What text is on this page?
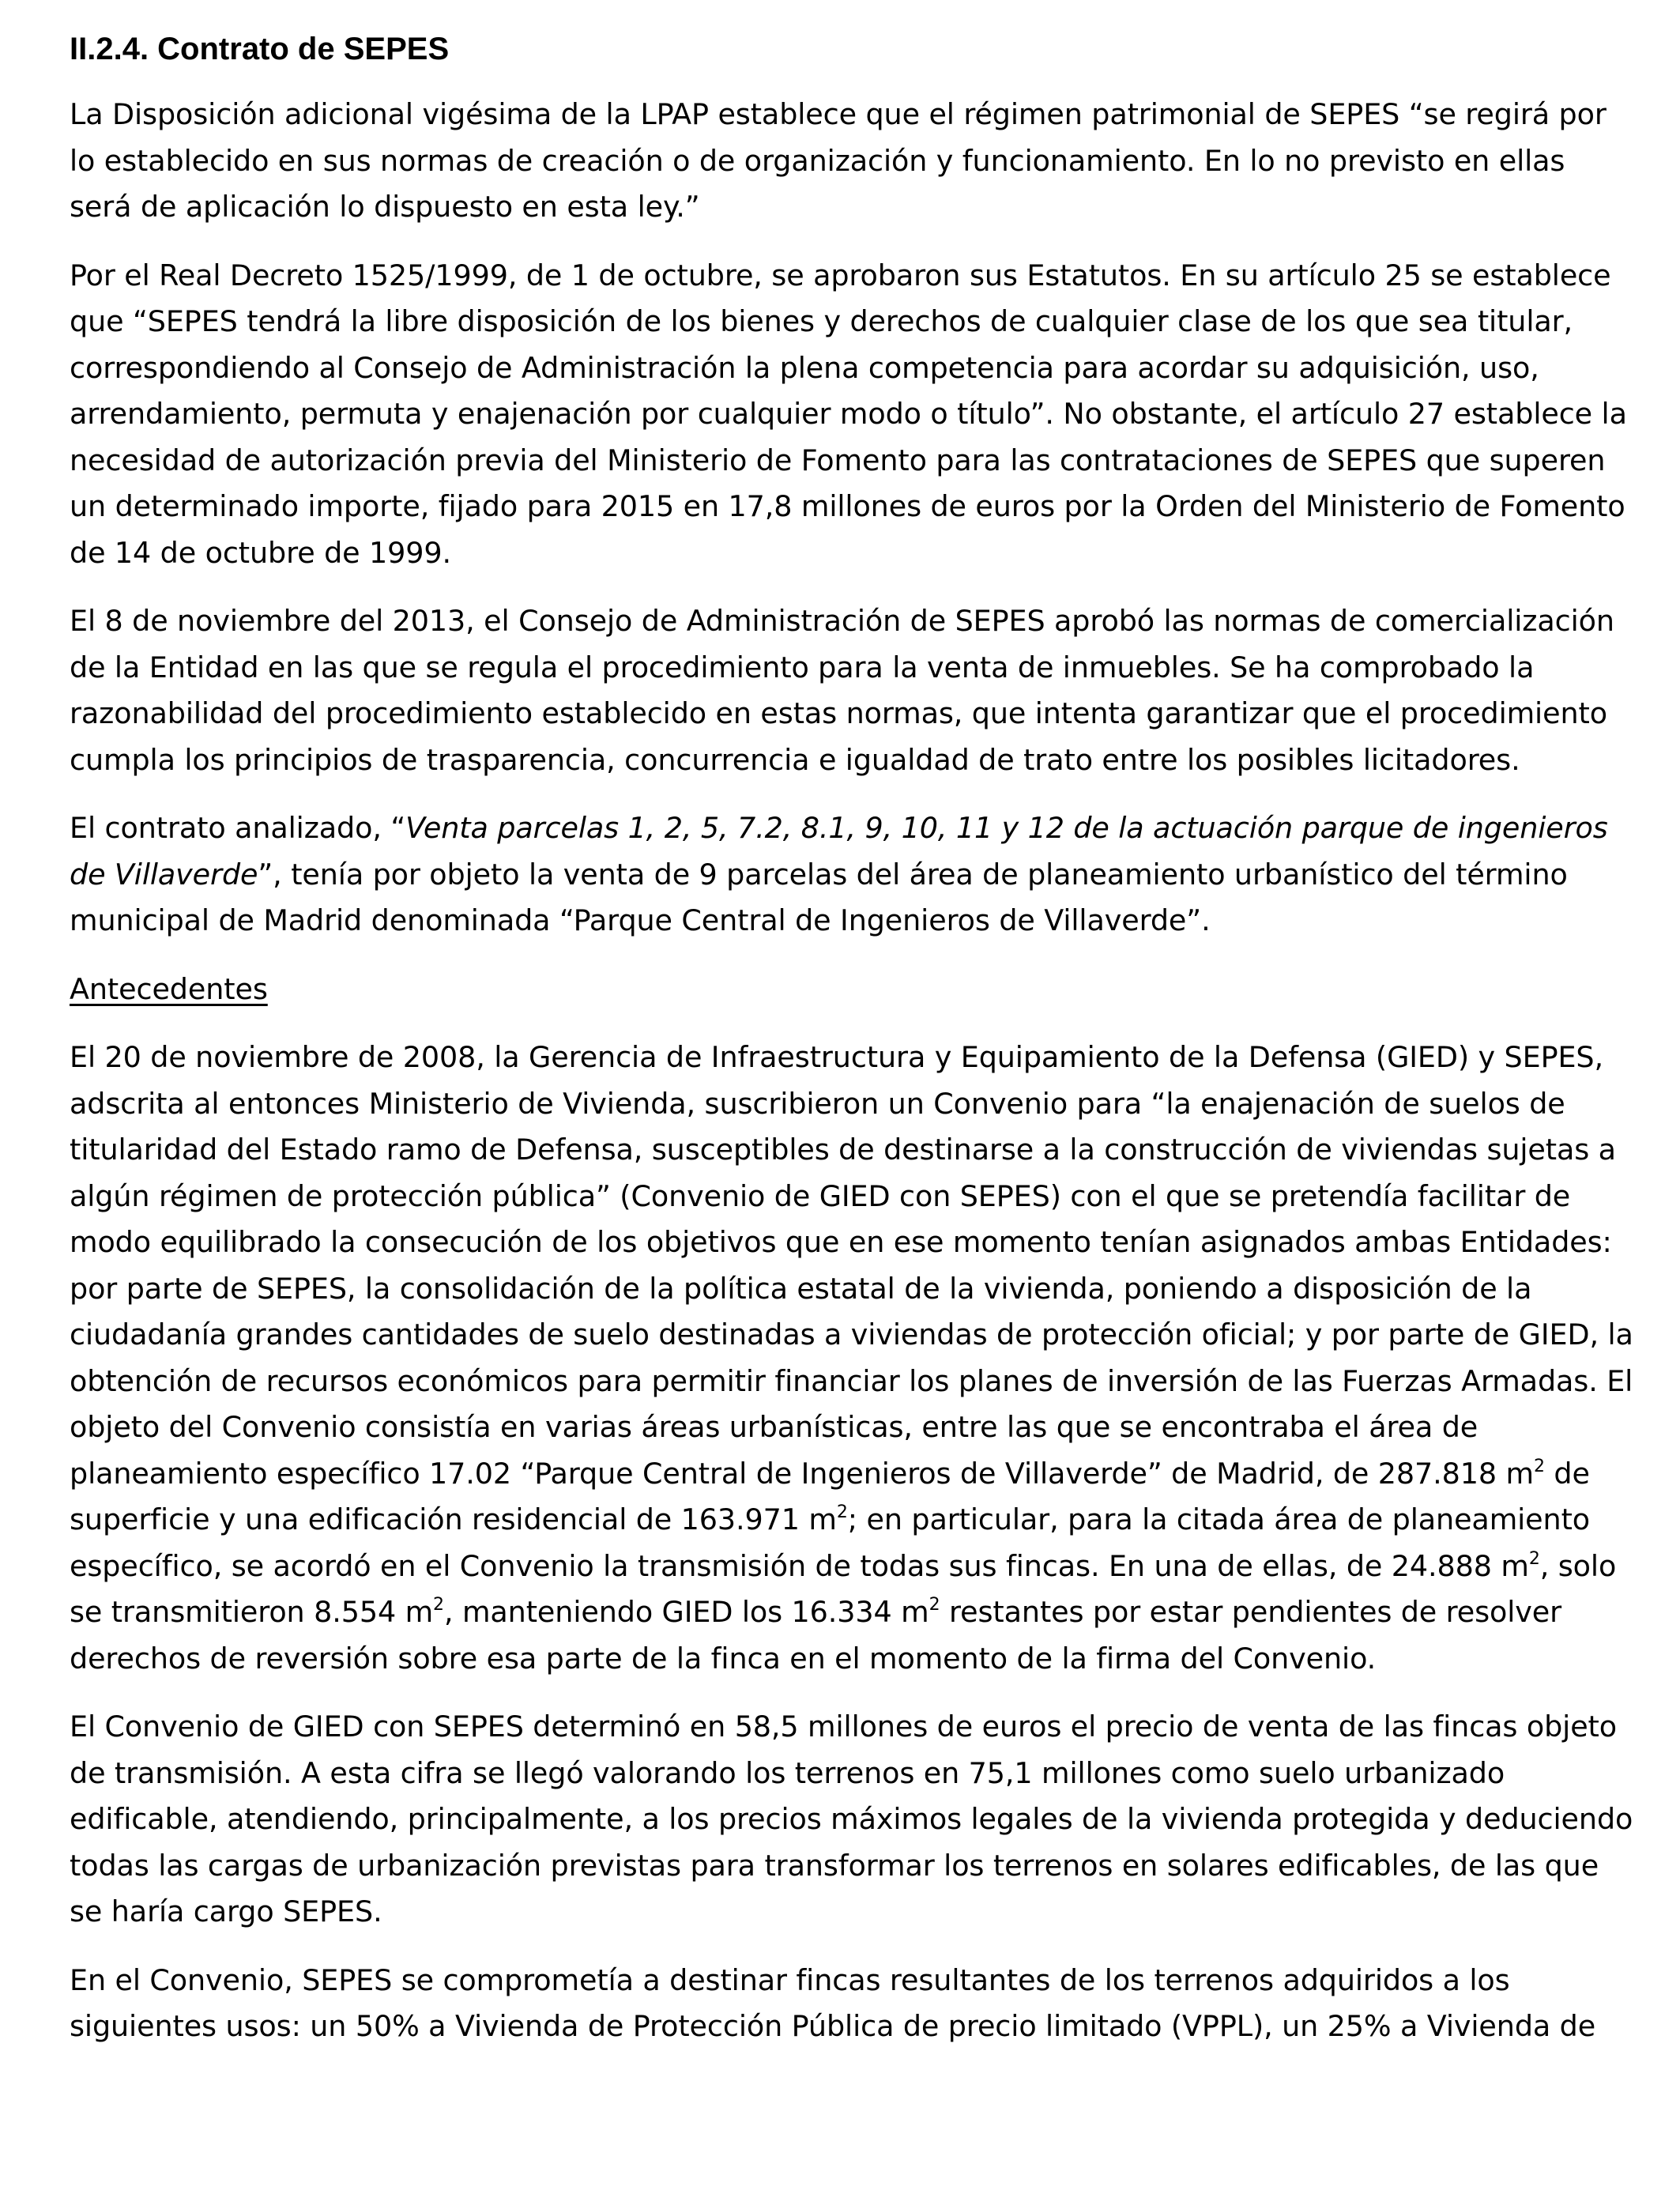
II.2.4. Contrato de SEPES

La Disposición adicional vigésima de la LPAP establece que el régimen patrimonial de SEPES “se regirá por lo establecido en sus normas de creación o de organización y funcionamiento. En lo no previsto en ellas será de aplicación lo dispuesto en esta ley.”

Por el Real Decreto 1525/1999, de 1 de octubre, se aprobaron sus Estatutos. En su artículo 25 se establece que “SEPES tendrá la libre disposición de los bienes y derechos de cualquier clase de los que sea titular, correspondiendo al Consejo de Administración la plena competencia para acordar su adquisición, uso, arrendamiento, permuta y enajenación por cualquier modo o título”. No obstante, el artículo 27 establece la necesidad de autorización previa del Ministerio de Fomento para las contrataciones de SEPES que superen un determinado importe, fijado para 2015 en 17,8 millones de euros por la Orden del Ministerio de Fomento de 14 de octubre de 1999.

El 8 de noviembre del 2013, el Consejo de Administración de SEPES aprobó las normas de comercialización de la Entidad en las que se regula el procedimiento para la venta de inmuebles. Se ha comprobado la razonabilidad del procedimiento establecido en estas normas, que intenta garantizar que el procedimiento cumpla los principios de trasparencia, concurrencia e igualdad de trato entre los posibles licitadores.

El contrato analizado, “Venta parcelas 1, 2, 5, 7.2, 8.1, 9, 10, 11 y 12 de la actuación parque de ingenieros de Villaverde”, tenía por objeto la venta de 9 parcelas del área de planeamiento urbanístico del término municipal de Madrid denominada “Parque Central de Ingenieros de Villaverde”.

Antecedentes

El 20 de noviembre de 2008, la Gerencia de Infraestructura y Equipamiento de la Defensa (GIED) y SEPES, adscrita al entonces Ministerio de Vivienda, suscribieron un Convenio para “la enajenación de suelos de titularidad del Estado ramo de Defensa, susceptibles de destinarse a la construcción de viviendas sujetas a algún régimen de protección pública” (Convenio de GIED con SEPES) con el que se pretendía facilitar de modo equilibrado la consecución de los objetivos que en ese momento tenían asignados ambas Entidades: por parte de SEPES, la consolidación de la política estatal de la vivienda, poniendo a disposición de la ciudadanía grandes cantidades de suelo destinadas a viviendas de protección oficial; y por parte de GIED, la obtención de recursos económicos para permitir financiar los planes de inversión de las Fuerzas Armadas. El objeto del Convenio consistía en varias áreas urbanísticas, entre las que se encontraba el área de planeamiento específico 17.02 “Parque Central de Ingenieros de Villaverde” de Madrid, de 287.818 $m^2$ de superficie y una edificación residencial de 163.971 $m^2$; en particular, para la citada área de planeamiento específico, se acordó en el Convenio la transmisión de todas sus fincas. En una de ellas, de 24.888 $m^2$, solo se transmitieron 8.554 $m^2$, manteniendo GIED los 16.334 $m^2$ restantes por estar pendientes de resolver derechos de reversión sobre esa parte de la finca en el momento de la firma del Convenio.

El Convenio de GIED con SEPES determinó en 58,5 millones de euros el precio de venta de las fincas objeto de transmisión. A esta cifra se llegó valorando los terrenos en 75,1 millones como suelo urbanizado edificable, atendiendo, principalmente, a los precios máximos legales de la vivienda protegida y deduciendo todas las cargas de urbanización previstas para transformar los terrenos en solares edificables, de las que se haría cargo SEPES.

En el Convenio, SEPES se comprometía a destinar fincas resultantes de los terrenos adquiridos a los siguientes usos: un 50% a Vivienda de Protección Pública de precio limitado (VPPL), un 25% a Vivienda de
